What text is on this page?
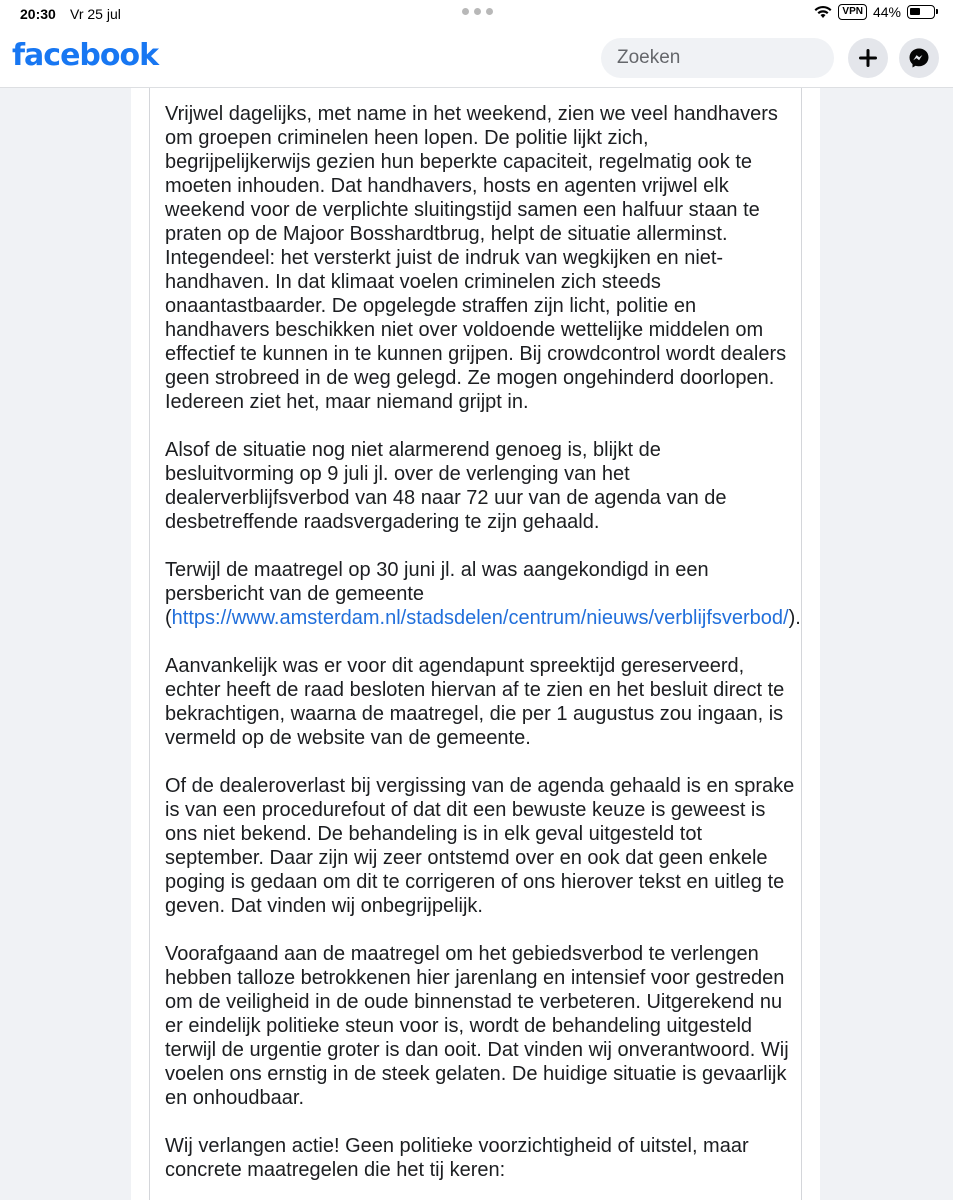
20:30 Vr 25 jul	VPN 44%
facebook	Zoeken

Vrijwel dagelijks, met name in het weekend, zien we veel handhavers om groepen criminelen heen lopen. De politie lijkt zich, begrijpelijkerwijs gezien hun beperkte capaciteit, regelmatig ook te moeten inhouden. Dat handhavers, hosts en agenten vrijwel elk weekend voor de verplichte sluitingstijd samen een halfuur staan te praten op de Majoor Bosshardtbrug, helpt de situatie allerminst. Integendeel: het versterkt juist de indruk van wegkijken en niet-handhaven. In dat klimaat voelen criminelen zich steeds onaantastbaarder. De opgelegde straffen zijn licht, politie en handhavers beschikken niet over voldoende wettelijke middelen om effectief te kunnen in te kunnen grijpen. Bij crowdcontrol wordt dealers geen strobreed in de weg gelegd. Ze mogen ongehinderd doorlopen. Iedereen ziet het, maar niemand grijpt in.

Alsof de situatie nog niet alarmerend genoeg is, blijkt de besluitvorming op 9 juli jl. over de verlenging van het dealerverblijfsverbod van 48 naar 72 uur van de agenda van de desbetreffende raadsvergadering te zijn gehaald.

Terwijl de maatregel op 30 juni jl. al was aangekondigd in een persbericht van de gemeente (https://www.amsterdam.nl/stadsdelen/centrum/nieuws/verblijfsverbod/).

Aanvankelijk was er voor dit agendapunt spreektijd gereserveerd, echter heeft de raad besloten hiervan af te zien en het besluit direct te bekrachtigen, waarna de maatregel, die per 1 augustus zou ingaan, is vermeld op de website van de gemeente.

Of de dealeroverlast bij vergissing van de agenda gehaald is en sprake is van een procedurefout of dat dit een bewuste keuze is geweest is ons niet bekend. De behandeling is in elk geval uitgesteld tot september. Daar zijn wij zeer ontstemd over en ook dat geen enkele poging is gedaan om dit te corrigeren of ons hierover tekst en uitleg te geven. Dat vinden wij onbegrijpelijk.

Voorafgaand aan de maatregel om het gebiedsverbod te verlengen hebben talloze betrokkenen hier jarenlang en intensief voor gestreden om de veiligheid in de oude binnenstad te verbeteren. Uitgerekend nu er eindelijk politieke steun voor is, wordt de behandeling uitgesteld terwijl de urgentie groter is dan ooit. Dat vinden wij onverantwoord. Wij voelen ons ernstig in de steek gelaten. De huidige situatie is gevaarlijk en onhoudbaar.

Wij verlangen actie! Geen politieke voorzichtigheid of uitstel, maar concrete maatregelen die het tij keren:
